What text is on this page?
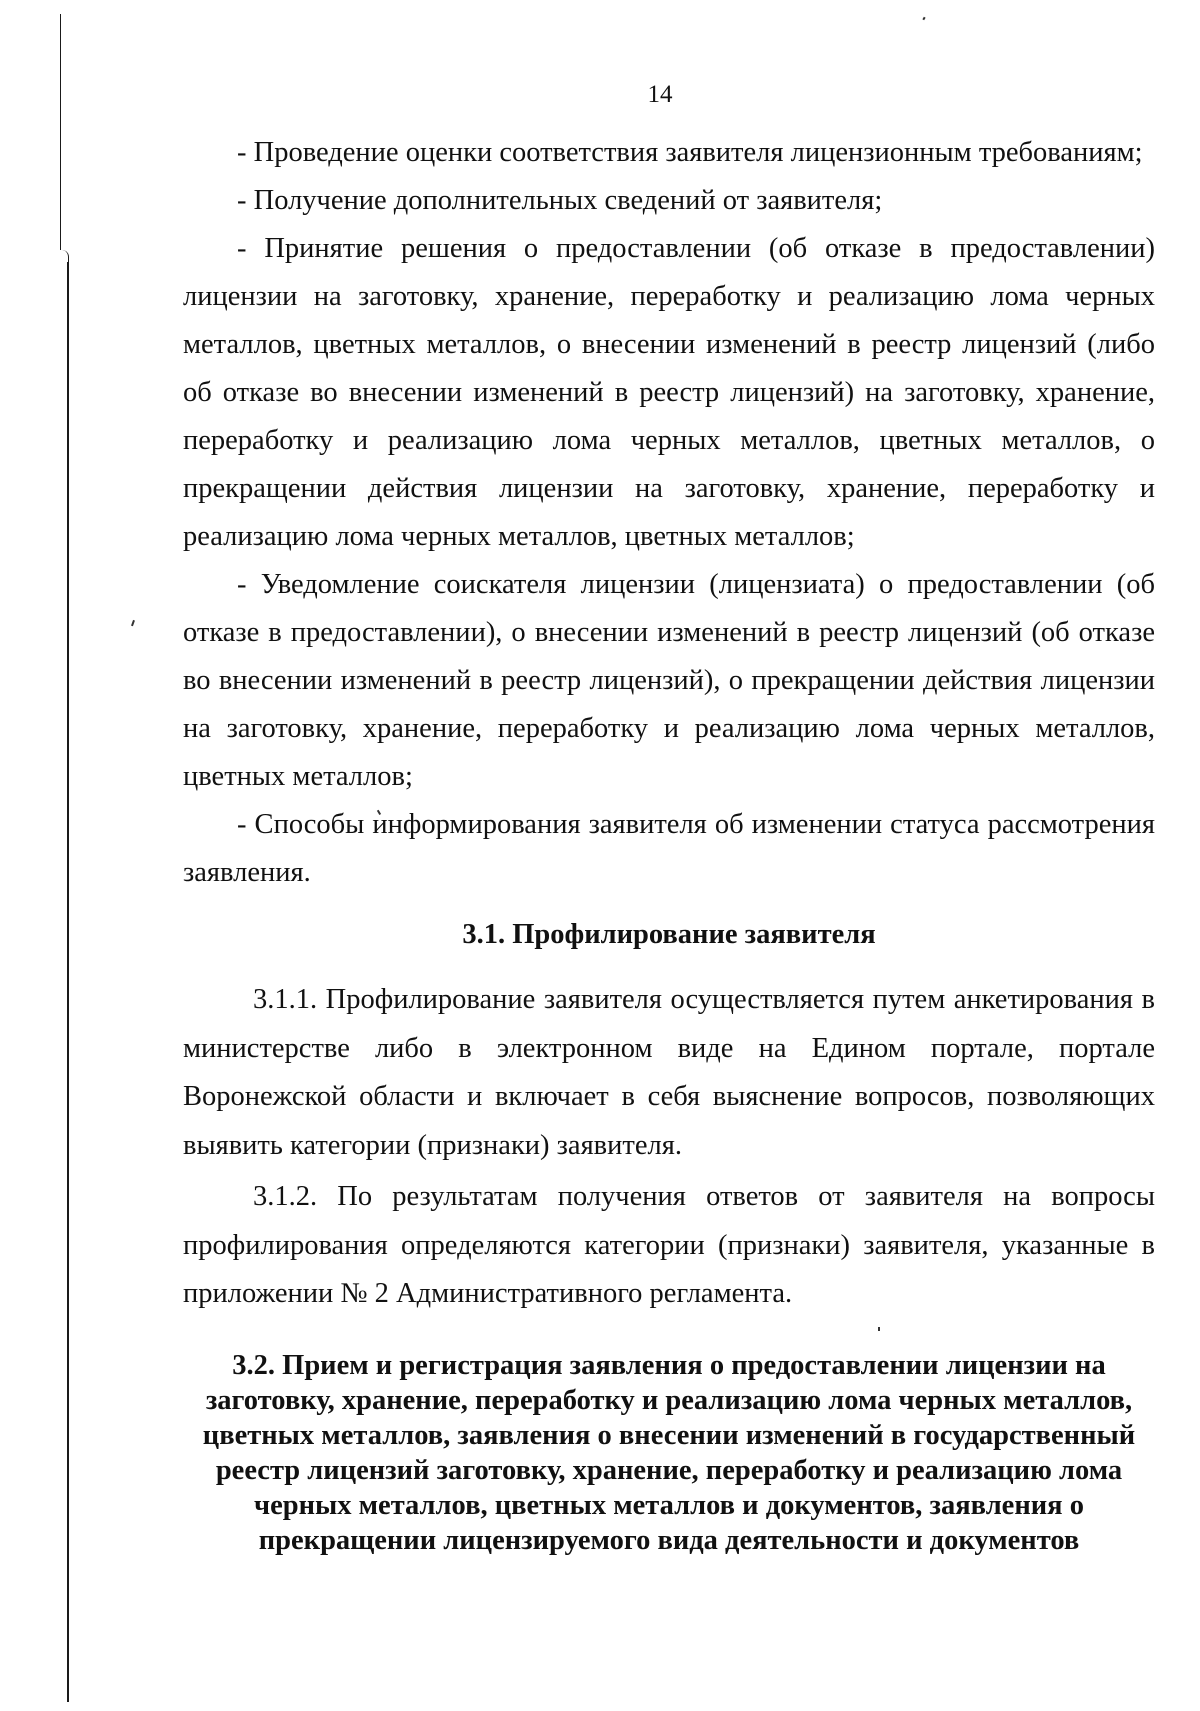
14

- Проведение оценки соответствия заявителя лицензионным требованиям;

- Получение дополнительных сведений от заявителя;

- Принятие решения о предоставлении (об отказе в предоставлении) лицензии на заготовку, хранение, переработку и реализацию лома черных металлов, цветных металлов, о внесении изменений в реестр лицензий (либо об отказе во внесении изменений в реестр лицензий) на заготовку, хранение, переработку и реализацию лома черных металлов, цветных металлов, о прекращении действия лицензии на заготовку, хранение, переработку и реализацию лома черных металлов, цветных металлов;

- Уведомление соискателя лицензии (лицензиата) о предоставлении (об отказе в предоставлении), о внесении изменений в реестр лицензий (об отказе во внесении изменений в реестр лицензий), о прекращении действия лицензии на заготовку, хранение, переработку и реализацию лома черных металлов, цветных металлов;

- Способы информирования заявителя об изменении статуса рассмотрения заявления.

3.1. Профилирование заявителя

3.1.1. Профилирование заявителя осуществляется путем анкетирования в министерстве либо в электронном виде на Едином портале, портале Воронежской области и включает в себя выяснение вопросов, позволяющих выявить категории (признаки) заявителя.

3.1.2. По результатам получения ответов от заявителя на вопросы профилирования определяются категории (признаки) заявителя, указанные в приложении № 2 Административного регламента.

3.2. Прием и регистрация заявления о предоставлении лицензии на заготовку, хранение, переработку и реализацию лома черных металлов, цветных металлов, заявления о внесении изменений в государственный реестр лицензий заготовку, хранение, переработку и реализацию лома черных металлов, цветных металлов и документов, заявления о прекращении лицензируемого вида деятельности и документов
